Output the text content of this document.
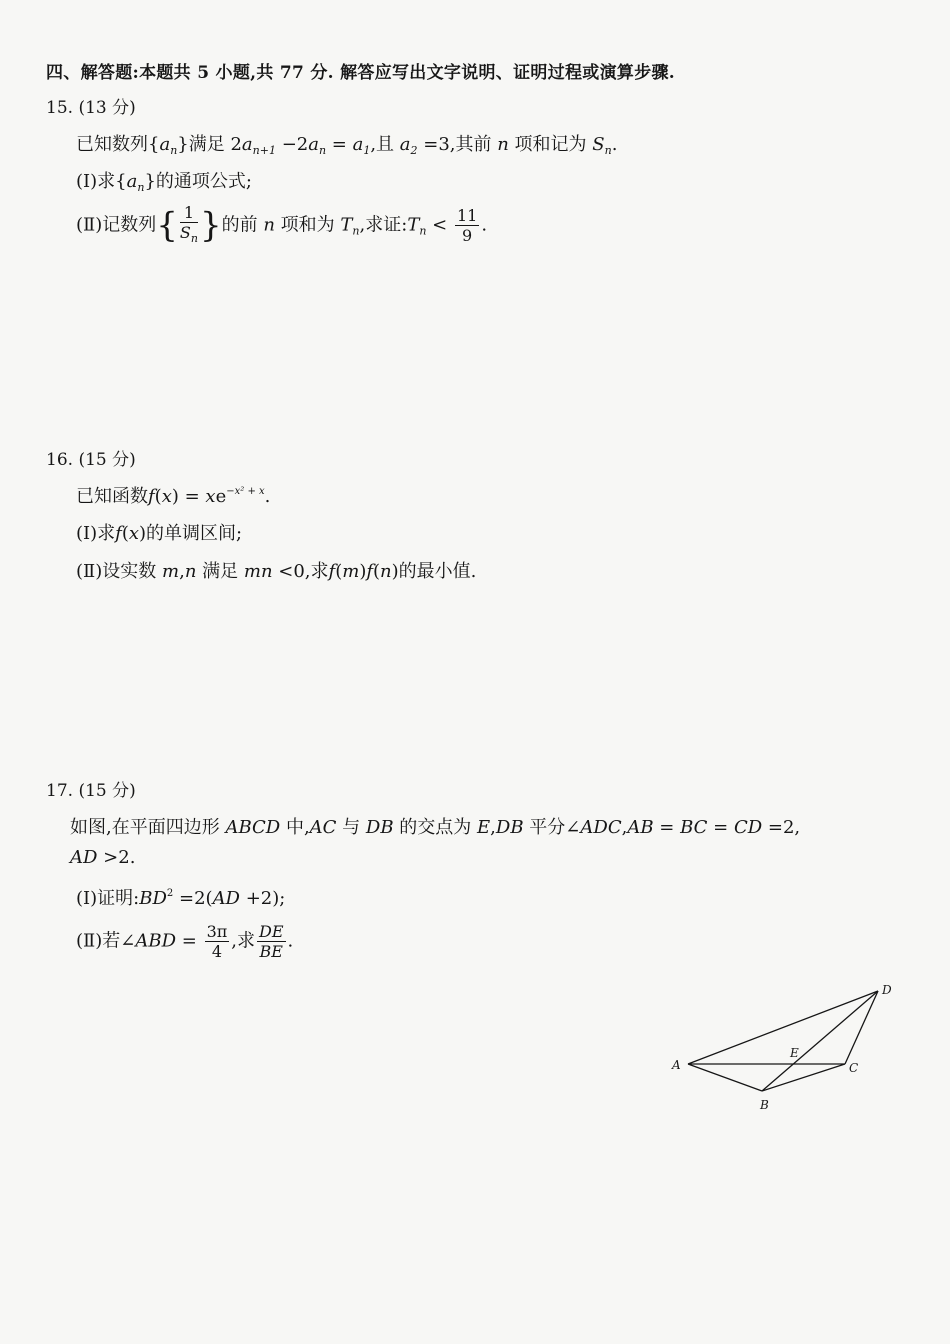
四、解答题:本题共 5 小题,共 77 分. 解答应写出文字说明、证明过程或演算步骤.
15. (13 分)
已知数列$\{a_n\}$满足 $2a_{n+1} -2a_n = a_1$,且 $a_2 =3$,其前 n 项和记为 $S_n$.
(Ⅰ)求$\{a_n\}$的通项公式;
(Ⅱ)记数列{ $\frac{1}{S_n}$ }的前 n 项和为 $T_n$,求证$:T_n < \frac{11}{9}$ .
16. (15 分)
已知函数$f(x) = xe^{-x^2 + x}$.
(Ⅰ)求f(x)的单调区间;
(Ⅱ)设实数 m,n 满足 mn <0,求f(m)f(n)的最小值.
17. (15 分)
如图,在平面四边形 ABCD 中,AC 与 DB 的交点为 E,DB 平分∠ADC,AB = BC = CD =2,
AD >2.
(Ⅰ)证明$:BD^2 =2(AD +2)$;
(Ⅱ)若∠ABD = $\frac{3\pi}{4}$ ,求 $\frac{DE}{BE}$ .
A
B
C
D
E
